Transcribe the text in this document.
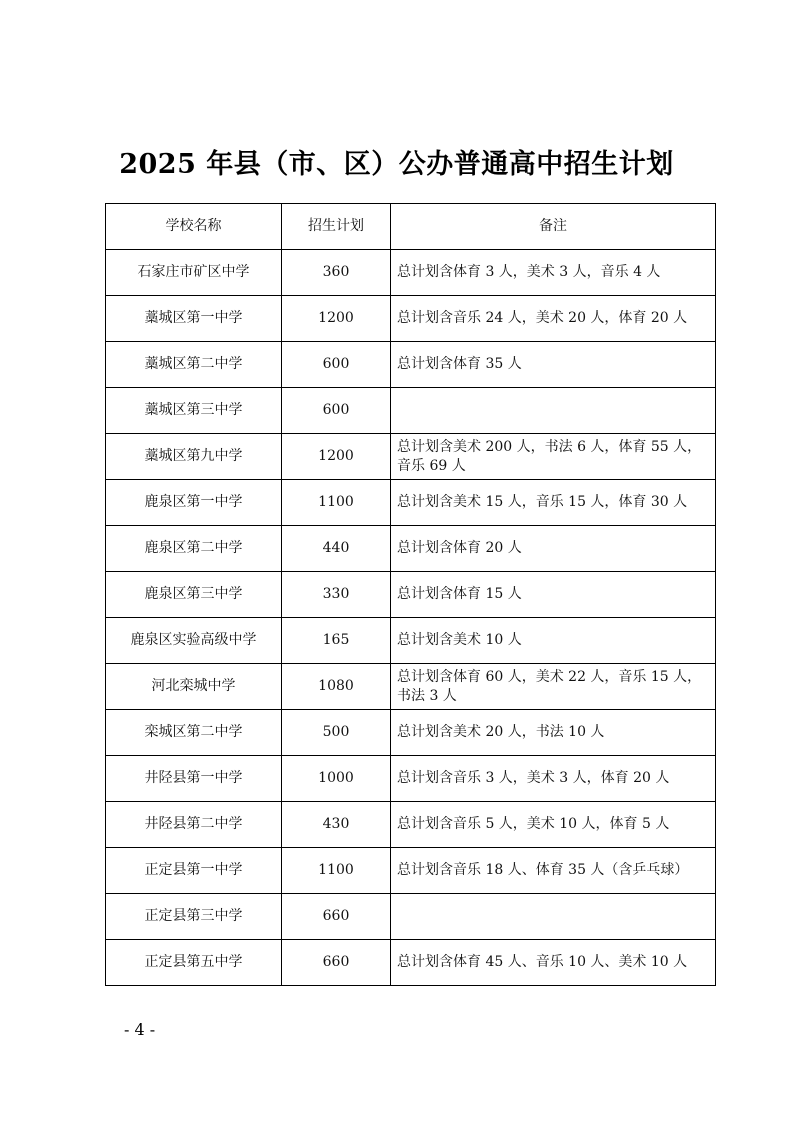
2025 年县（市、区）公办普通高中招生计划
学校名称	招生计划	备注
石家庄市矿区中学	360	总计划含体育 3 人，美术 3 人，音乐 4 人
藁城区第一中学	1200	总计划含音乐 24 人，美术 20 人，体育 20 人
藁城区第二中学	600	总计划含体育 35 人
藁城区第三中学	600	
藁城区第九中学	1200	总计划含美术 200 人，书法 6 人，体育 55 人，音乐 69 人
鹿泉区第一中学	1100	总计划含美术 15 人，音乐 15 人，体育 30 人
鹿泉区第二中学	440	总计划含体育 20 人
鹿泉区第三中学	330	总计划含体育 15 人
鹿泉区实验高级中学	165	总计划含美术 10 人
河北栾城中学	1080	总计划含体育 60 人，美术 22 人，音乐 15 人，书法 3 人
栾城区第二中学	500	总计划含美术 20 人，书法 10 人
井陉县第一中学	1000	总计划含音乐 3 人，美术 3 人，体育 20 人
井陉县第二中学	430	总计划含音乐 5 人，美术 10 人，体育 5 人
正定县第一中学	1100	总计划含音乐 18 人、体育 35 人（含乒乓球）
正定县第三中学	660	
正定县第五中学	660	总计划含体育 45 人、音乐 10 人、美术 10 人
- 4 -
